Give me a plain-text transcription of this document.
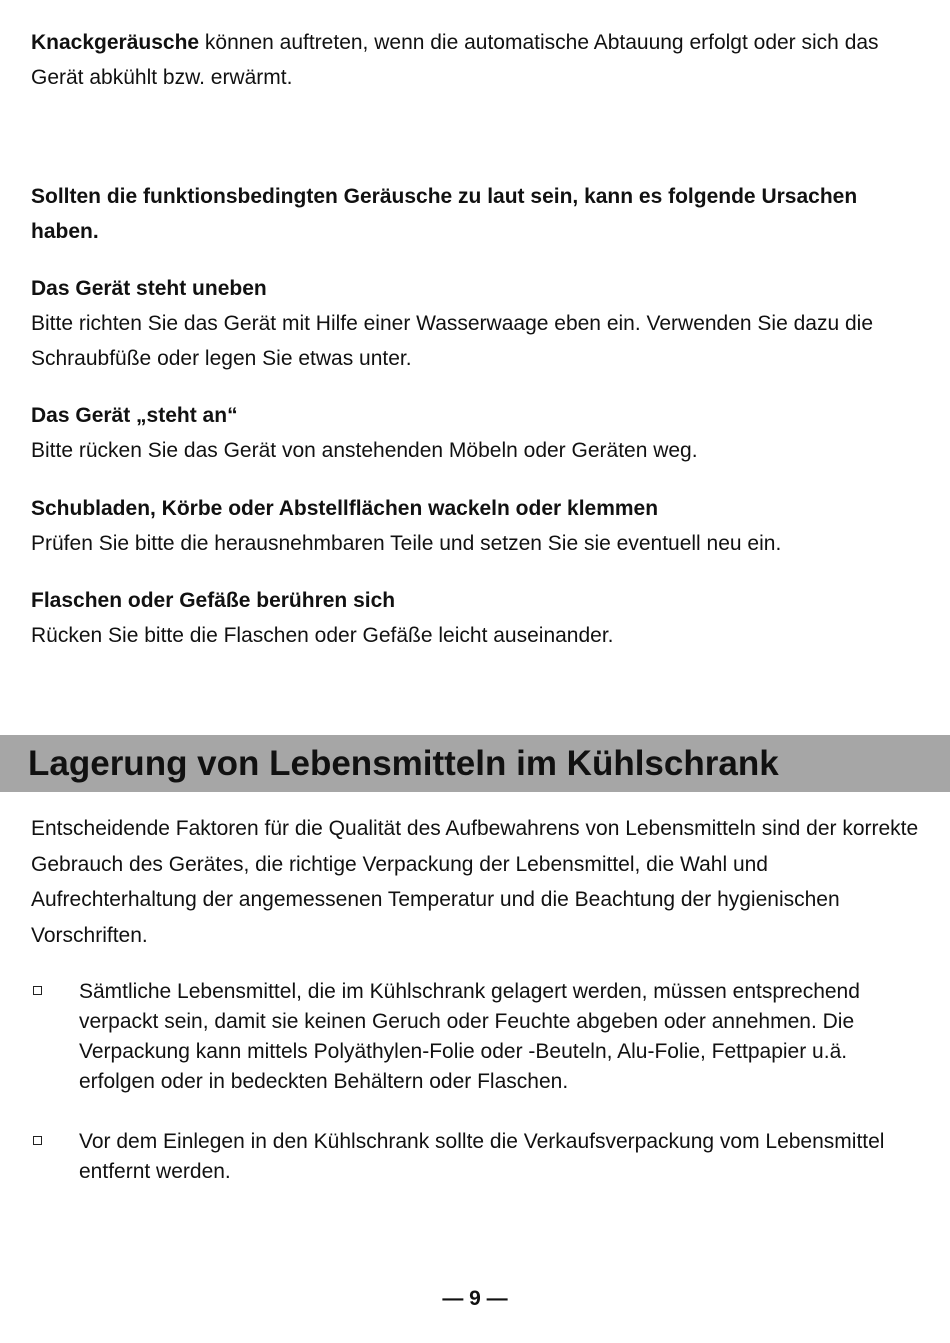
Knackgeräusche können auftreten, wenn die automatische Abtauung erfolgt oder sich das Gerät abkühlt bzw. erwärmt.

Sollten die funktionsbedingten Geräusche zu laut sein, kann es folgende Ursachen haben.

Das Gerät steht uneben
Bitte richten Sie das Gerät mit Hilfe einer Wasserwaage eben ein. Verwenden Sie dazu die Schraubfüße oder legen Sie etwas unter.
Das Gerät „steht an“
Bitte rücken Sie das Gerät von anstehenden Möbeln oder Geräten weg.
Schubladen, Körbe oder Abstellflächen wackeln oder klemmen
Prüfen Sie bitte die herausnehmbaren Teile und setzen Sie sie eventuell neu ein.
Flaschen oder Gefäße berühren sich
Rücken Sie bitte die Flaschen oder Gefäße leicht auseinander.
Lagerung von Lebensmitteln im Kühlschrank

Entscheidende Faktoren für die Qualität des Aufbewahrens von Lebensmitteln sind der korrekte Gebrauch des Gerätes, die richtige Verpackung der Lebensmittel, die Wahl und Aufrechterhaltung der angemessenen Temperatur und die Beachtung der hygienischen Vorschriften.

Sämtliche Lebensmittel, die im Kühlschrank gelagert werden, müssen entsprechend verpackt sein, damit sie keinen Geruch oder Feuchte abgeben oder annehmen. Die Verpackung kann mittels Polyäthylen-Folie oder -Beuteln, Alu-Folie, Fettpapier u.ä. erfolgen oder in bedeckten Behältern oder Flaschen.
Vor dem Einlegen in den Kühlschrank sollte die Verkaufsverpackung vom Lebensmittel entfernt werden.
— 9 —
